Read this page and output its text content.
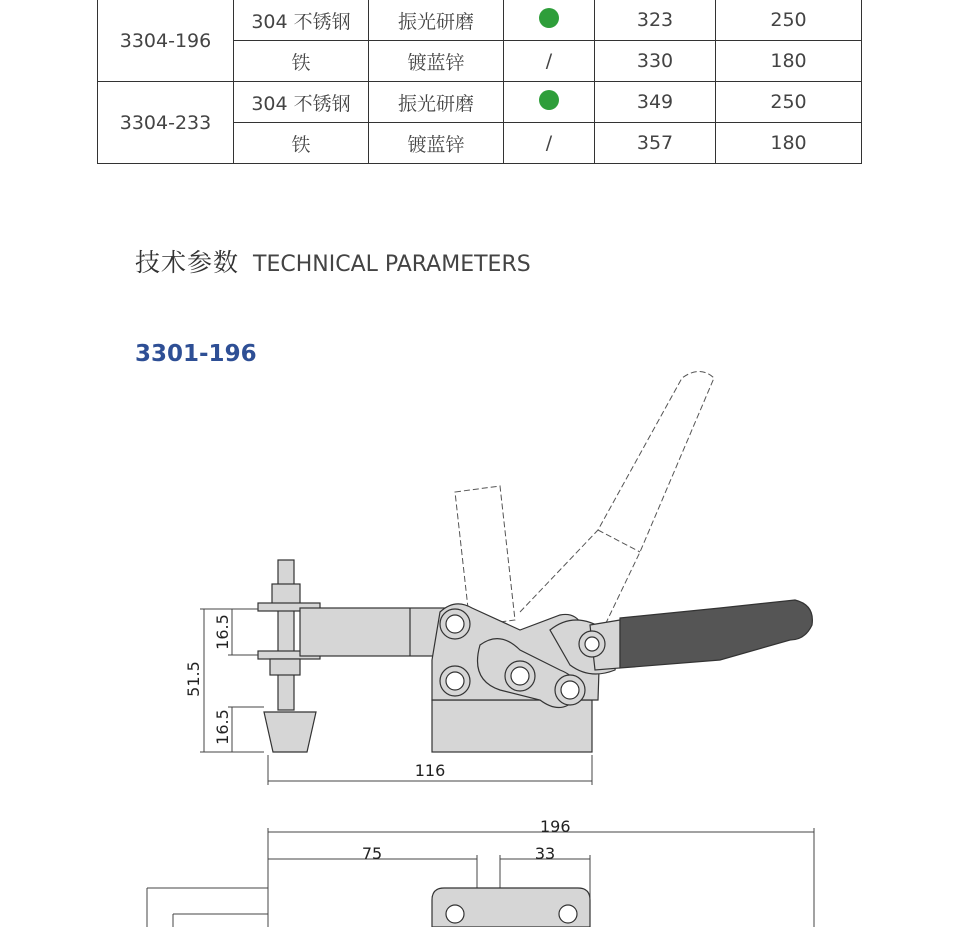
3304-196	304 不锈钢	振光研磨		323	250
	铁	镀蓝锌	/	330	180
3304-233	304 不锈钢	振光研磨		349	250
	铁	镀蓝锌	/	357	180
技术参数 TECHNICAL PARAMETERS
3301-196
16.5
51.5
16.5
116
196
75	33
